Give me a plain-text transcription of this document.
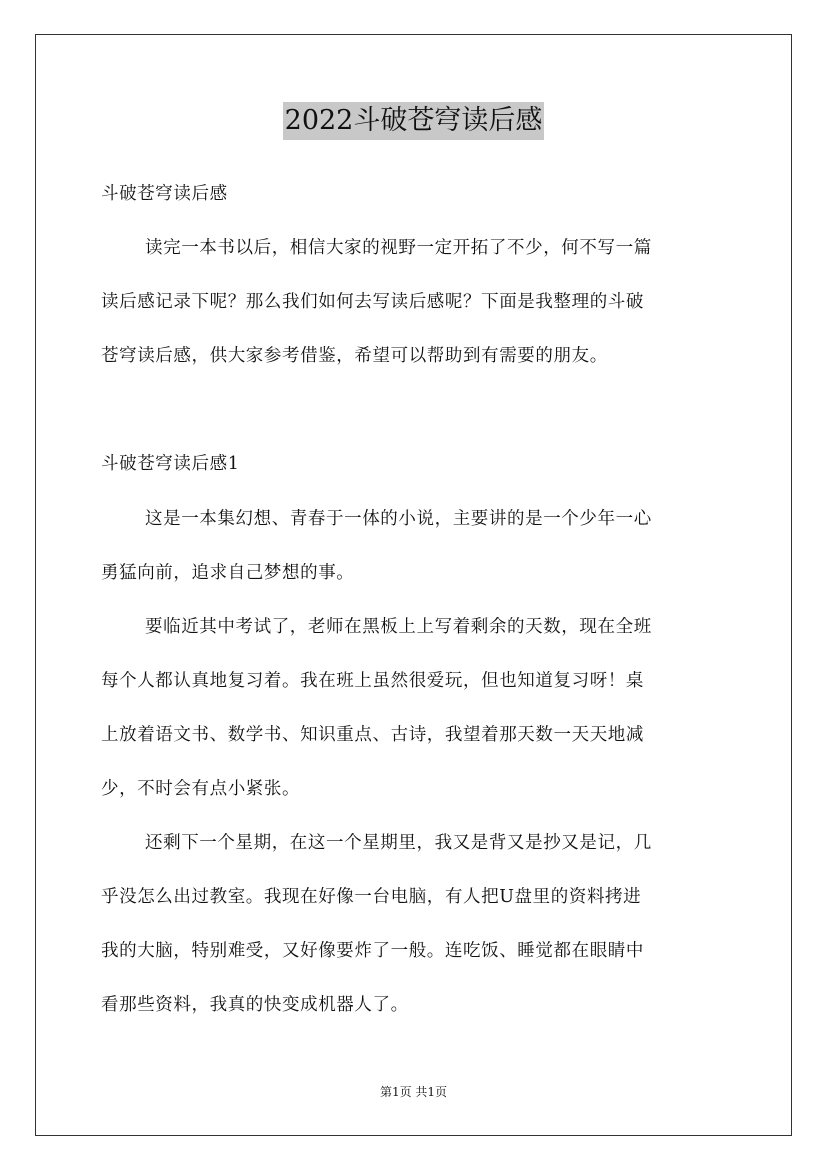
2022斗破苍穹读后感
斗破苍穹读后感
读完一本书以后，相信大家的视野一定开拓了不少，何不写一篇
读后感记录下呢？那么我们如何去写读后感呢？下面是我整理的斗破
苍穹读后感，供大家参考借鉴，希望可以帮助到有需要的朋友。
斗破苍穹读后感1
这是一本集幻想、青春于一体的小说，主要讲的是一个少年一心
勇猛向前，追求自己梦想的事。
要临近其中考试了，老师在黑板上上写着剩余的天数，现在全班
每个人都认真地复习着。我在班上虽然很爱玩，但也知道复习呀！桌
上放着语文书、数学书、知识重点、古诗，我望着那天数一天天地减
少，不时会有点小紧张。
还剩下一个星期，在这一个星期里，我又是背又是抄又是记，几
乎没怎么出过教室。我现在好像一台电脑，有人把U盘里的资料拷进
我的大脑，特别难受，又好像要炸了一般。连吃饭、睡觉都在眼睛中
看那些资料，我真的快变成机器人了。
第1页 共1页
